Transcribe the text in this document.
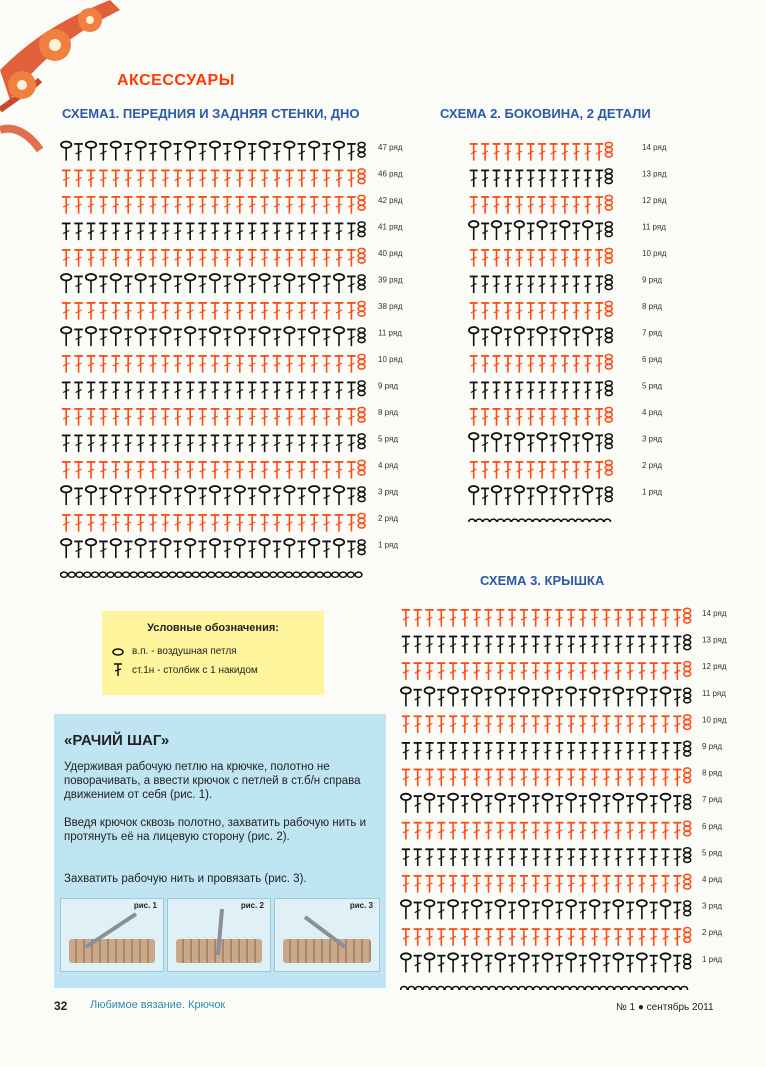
АКСЕССУАРЫ
СХЕМА1. ПЕРЕДНИЯ И ЗАДНЯЯ СТЕНКИ, ДНО	СХЕМА 2. БОКОВИНА, 2 ДЕТАЛИ
СХЕМА 3. КРЫШКА
47 ряд
46 ряд
42 ряд
41 ряд
40 ряд
39 ряд
38 ряд
11 ряд
10 ряд
9 ряд
8 ряд
5 ряд
4 ряд
3 ряд
2 ряд
1 ряд
14 ряд
13 ряд
12 ряд
11 ряд
10 ряд
9 ряд
8 ряд
7 ряд
6 ряд
5 ряд
4 ряд
3 ряд
2 ряд
1 ряд
14 ряд
13 ряд
12 ряд
11 ряд
10 ряд
9 ряд
8 ряд
7 ряд
6 ряд
5 ряд
4 ряд
3 ряд
2 ряд
1 ряд
Условные обозначения:
в.п. - воздушная петля
ст.1н - столбик с 1 накидом
«РАЧИЙ ШАГ»

Удерживая рабочую петлю на крючке, полотно не поворачивать, а ввести крючок с петлей в ст.б/н справа движением от себя (рис. 1).

Введя крючок сквозь полотно, захватить рабочую нить и протянуть её на лицевую сторону (рис. 2).

Захватить рабочую нить и провязать (рис. 3).

рис. 1	рис. 2	рис. 3
32 Любимое вязание. Крючок	№ 1 ● сентябрь 2011
